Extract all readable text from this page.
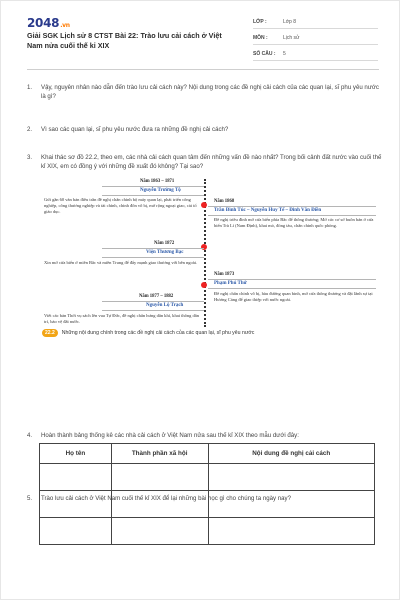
2048.vn
Giải SGK Lịch sử 8 CTST Bài 22: Trào lưu cải cách ở Việt Nam nửa cuối thế kỉ XIX
LỚP :	Lớp 8
MÔN :	Lịch sử
SỐ CÂU :	5
1.	Vậy, nguyên nhân nào dẫn đến trào lưu cải cách này? Nội dung trong các đề nghị cải cách của các quan lại, sĩ phu yêu nước là gì?
2.	Vì sao các quan lại, sĩ phu yêu nước đưa ra những đề nghị cải cách?
3.	Khai thác sơ đồ 22.2, theo em, các nhà cải cách quan tâm đến những vấn đề nào nhất? Trong bối cảnh đất nước vào cuối thế kỉ XIX, em có đồng ý với những đề xuất đó không? Tại sao?
Năm 1863 – 1871
Nguyễn Trường Tộ
Gửi gần 60 văn bản điều trần đề nghị chấn chỉnh bộ máy quan lại, phát triển công nghiệp, công thương nghiệp và tài chính, chỉnh đốn võ bị, mở rộng ngoại giao, cải tổ giáo dục.
Năm 1868
Trần Đình Túc – Nguyễn Huy Tế – Đinh Văn Điền
Đề nghị triều đình mở cửa biển phía Bắc để thông thương; Mở các cơ sở buôn bán ở cửa biển Trà Lí (Nam Định), khai mỏ, đóng tàu, chấn chỉnh quốc phòng.
Năm 1872
Viện Thương Bạc
Xin mở cửa biển ở miền Bắc và miền Trung để đẩy mạnh giao thương với bên ngoài.
Năm 1873
Phạm Phú Thứ
Đề nghị chấn chỉnh võ bị, hàu đường quan binh, mở cửa thông thương và đặt lãnh sự tại Hương Cảng để giao thiệp với nước ngoài.
Năm 1877 – 1882
Nguyễn Lộ Trạch
Viết các bản Thời vụ sách lên vua Tự Đức, đề nghị chấn hưng dân khí, khai thông dân trí, bảo vệ đất nước.
22.2	Những nội dung chính trong các đề nghị cải cách của các quan lại, sĩ phu yêu nước
4.	Hoàn thành bảng thống kê các nhà cải cách ở Việt Nam nửa sau thế kỉ XIX theo mẫu dưới đây:
Họ tên	Thành phần xã hội	Nội dung đề nghị cải cách

5.	Trào lưu cải cách ở Việt Nam cuối thế kỉ XIX để lại những bài học gì cho chúng ta ngày nay?
